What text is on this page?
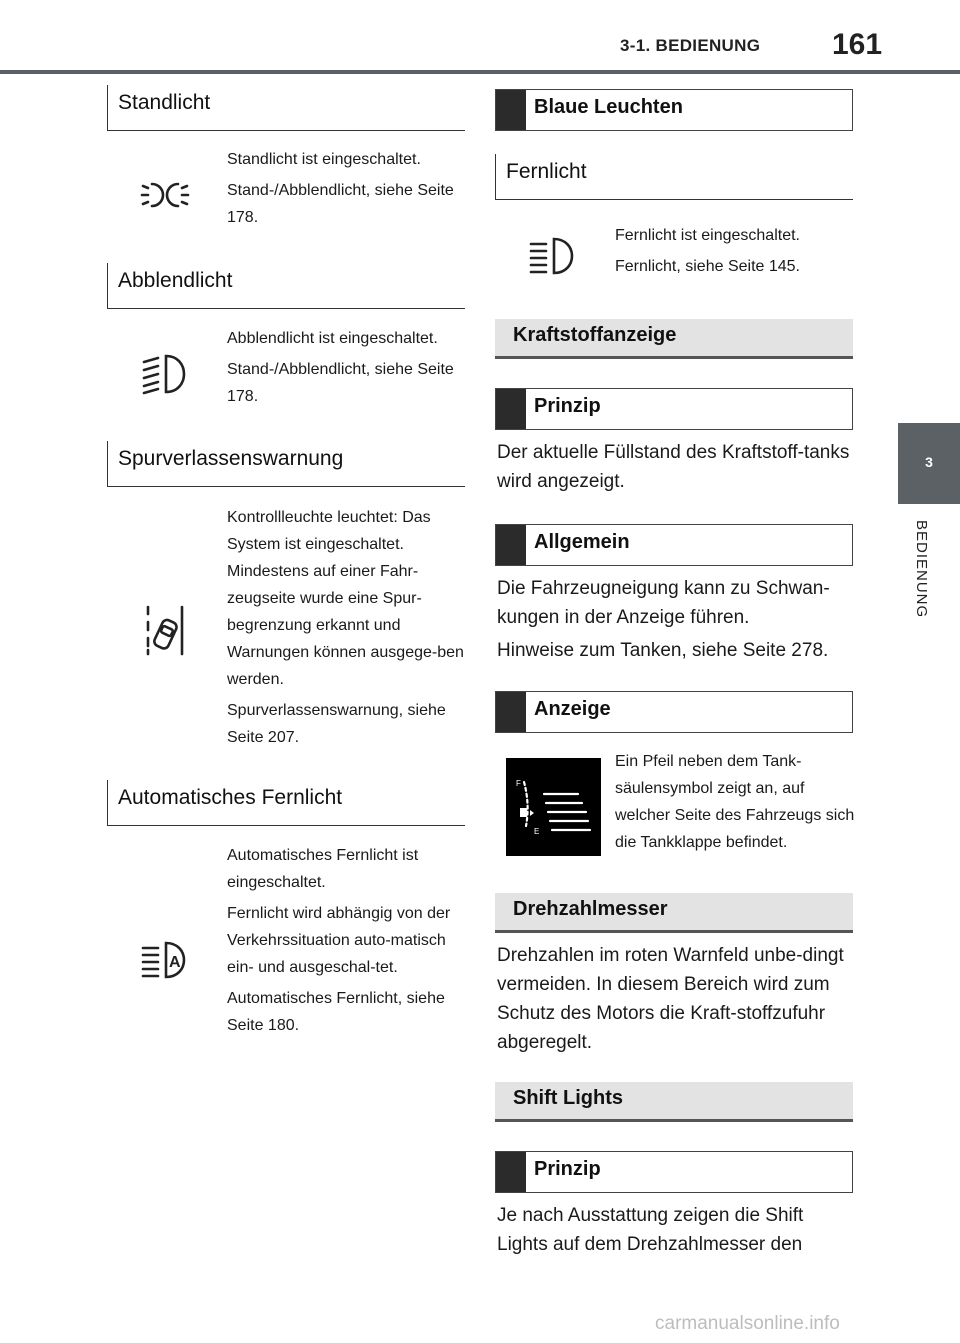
3-1. BEDIENUNG 161
3
BEDIENUNG
Standlicht

Standlicht ist eingeschaltet.

Stand-/Abblendlicht, siehe Seite 178.

Abblendlicht

Abblendlicht ist eingeschaltet.

Stand-/Abblendlicht, siehe Seite 178.

Spurverlassenswarnung

Kontrollleuchte leuchtet: Das System ist eingeschaltet. Mindestens auf einer Fahr-zeugseite wurde eine Spur-begrenzung erkannt und Warnungen können ausgege-ben werden.

Spurverlassenswarnung, siehe Seite 207.

Automatisches Fernlicht
A

Automatisches Fernlicht ist eingeschaltet.

Fernlicht wird abhängig von der Verkehrssituation auto-matisch ein- und ausgeschal-tet.

Automatisches Fernlicht, siehe Seite 180.

Blaue Leuchten
Fernlicht

Fernlicht ist eingeschaltet.

Fernlicht, siehe Seite 145.

Kraftstoffanzeige
Prinzip

Der aktuelle Füllstand des Kraftstoff-tanks wird angezeigt.

Allgemein

Die Fahrzeugneigung kann zu Schwan-kungen in der Anzeige führen.

Hinweise zum Tanken, siehe Seite 278.

Anzeige
F
E

Ein Pfeil neben dem Tank-säulensymbol zeigt an, auf welcher Seite des Fahrzeugs sich die Tankklappe befindet.

Drehzahlmesser

Drehzahlen im roten Warnfeld unbe-dingt vermeiden. In diesem Bereich wird zum Schutz des Motors die Kraft-stoffzufuhr abgeregelt.

Shift Lights
Prinzip

Je nach Ausstattung zeigen die Shift Lights auf dem Drehzahlmesser den

carmanualsonline.info
